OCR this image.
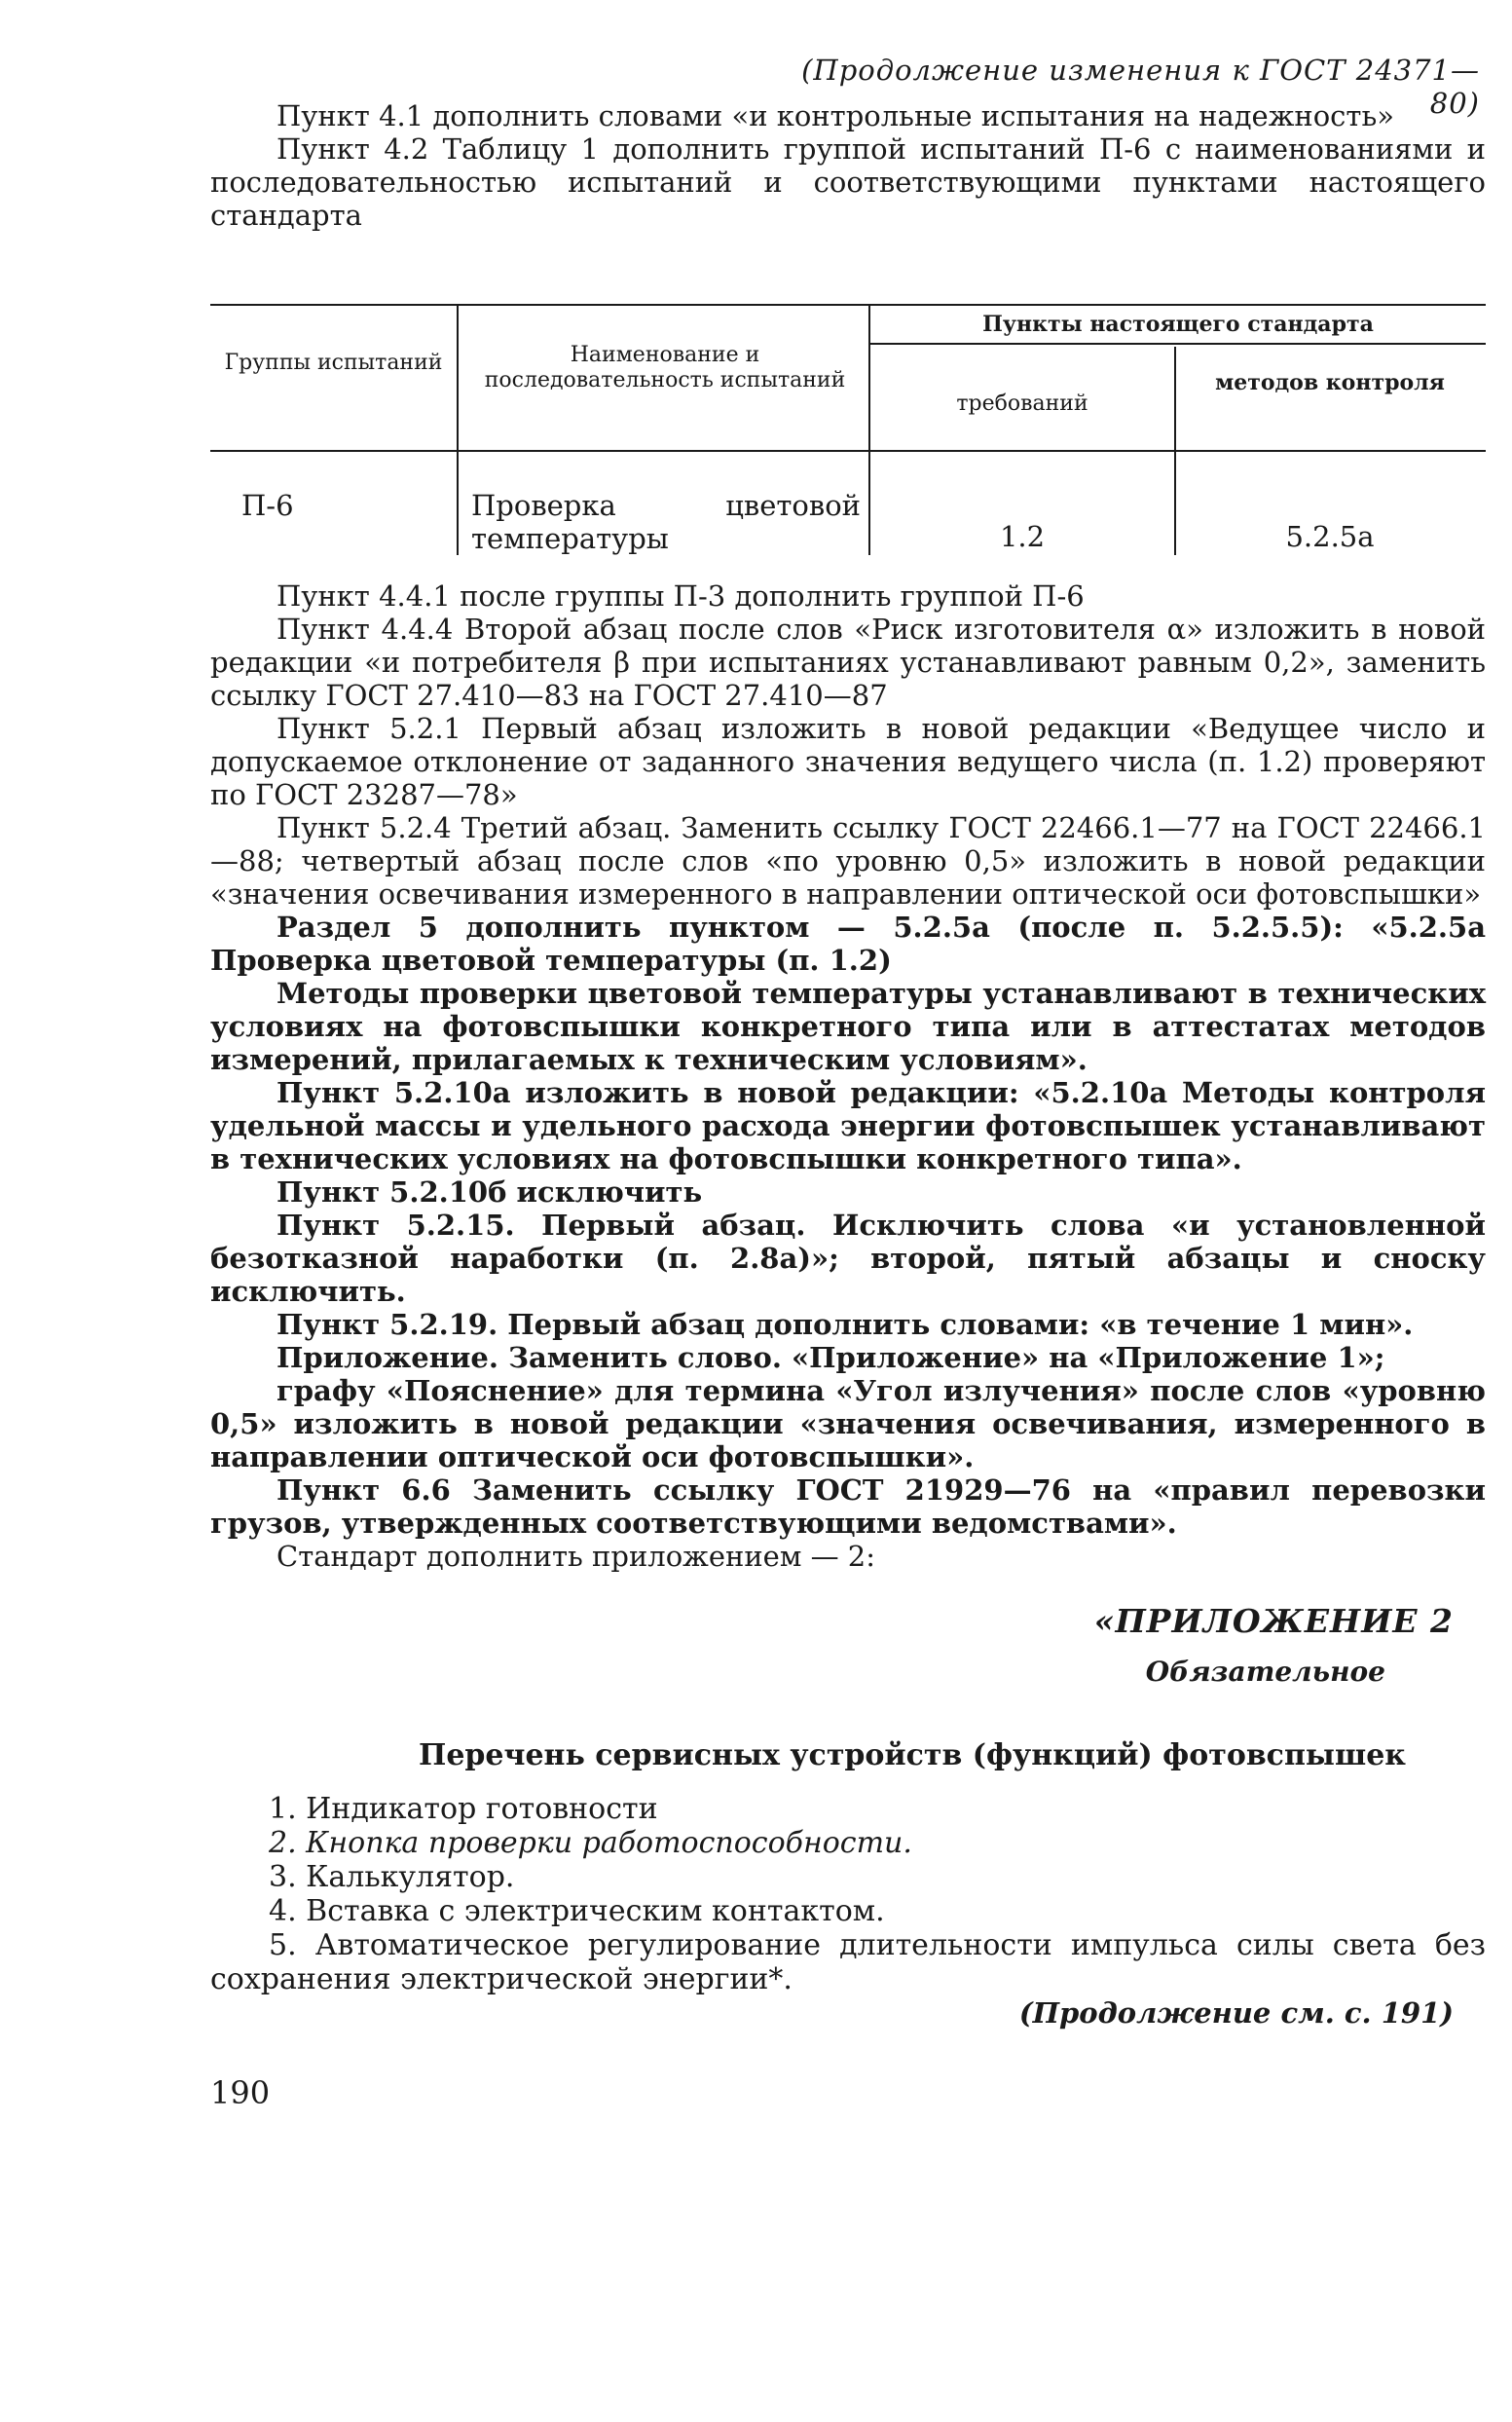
(Продолжение изменения к ГОСТ 24371—80)

Пункт 4.1 дополнить словами «и контрольные испытания на надежность»

Пункт 4.2 Таблицу 1 дополнить группой испытаний П-6 с наименованиями и последовательностью испытаний и соответствующими пунктами настоящего стандарта

Группы испытаний	Наименование и последовательность испытаний
Пункты настоящего стандарта
требований
методов контроля
П-6	Проверка цветовой температуры	1.2	5.2.5а

Пункт 4.4.1 после группы П-3 дополнить группой П-6

Пункт 4.4.4 Второй абзац после слов «Риск изготовителя α» изложить в новой редакции «и потребителя β при испытаниях устанавливают равным 0,2», заменить ссылку ГОСТ 27.410—83 на ГОСТ 27.410—87

Пункт 5.2.1 Первый абзац изложить в новой редакции «Ведущее число и допускаемое отклонение от заданного значения ведущего числа (п. 1.2) проверяют по ГОСТ 23287—78»

Пункт 5.2.4 Третий абзац. Заменить ссылку ГОСТ 22466.1—77 на ГОСТ 22466.1—88; четвертый абзац после слов «по уровню 0,5» изложить в новой редакции «значения освечивания измеренного в направлении оптической оси фотовспышки»

Раздел 5 дополнить пунктом — 5.2.5а (после п. 5.2.5.5): «5.2.5а Проверка цветовой температуры (п. 1.2)

Методы проверки цветовой температуры устанавливают в технических условиях на фотовспышки конкретного типа или в аттестатах методов измерений, прилагаемых к техническим условиям».

Пункт 5.2.10а изложить в новой редакции: «5.2.10а Методы контроля удельной массы и удельного расхода энергии фотовспышек устанавливают в технических условиях на фотовспышки конкретного типа».

Пункт 5.2.10б исключить

Пункт 5.2.15. Первый абзац. Исключить слова «и установленной безотказной наработки (п. 2.8а)»; второй, пятый абзацы и сноску исключить.

Пункт 5.2.19. Первый абзац дополнить словами: «в течение 1 мин».

Приложение. Заменить слово. «Приложение» на «Приложение 1»;

графу «Пояснение» для термина «Угол излучения» после слов «уровню 0,5» изложить в новой редакции «значения освечивания, измеренного в направлении оптической оси фотовспышки».

Пункт 6.6 Заменить ссылку ГОСТ 21929—76 на «правил перевозки грузов, утвержденных соответствующими ведомствами».

Стандарт дополнить приложением — 2:

«ПРИЛОЖЕНИЕ 2
Обязательное
Перечень сервисных устройств (функций) фотовспышек

1. Индикатор готовности

2. Кнопка проверки работоспособности.

3. Калькулятор.

4. Вставка с электрическим контактом.

5. Автоматическое регулирование длительности импульса силы света без сохранения электрической энергии*.

(Продолжение см. с. 191)
190
